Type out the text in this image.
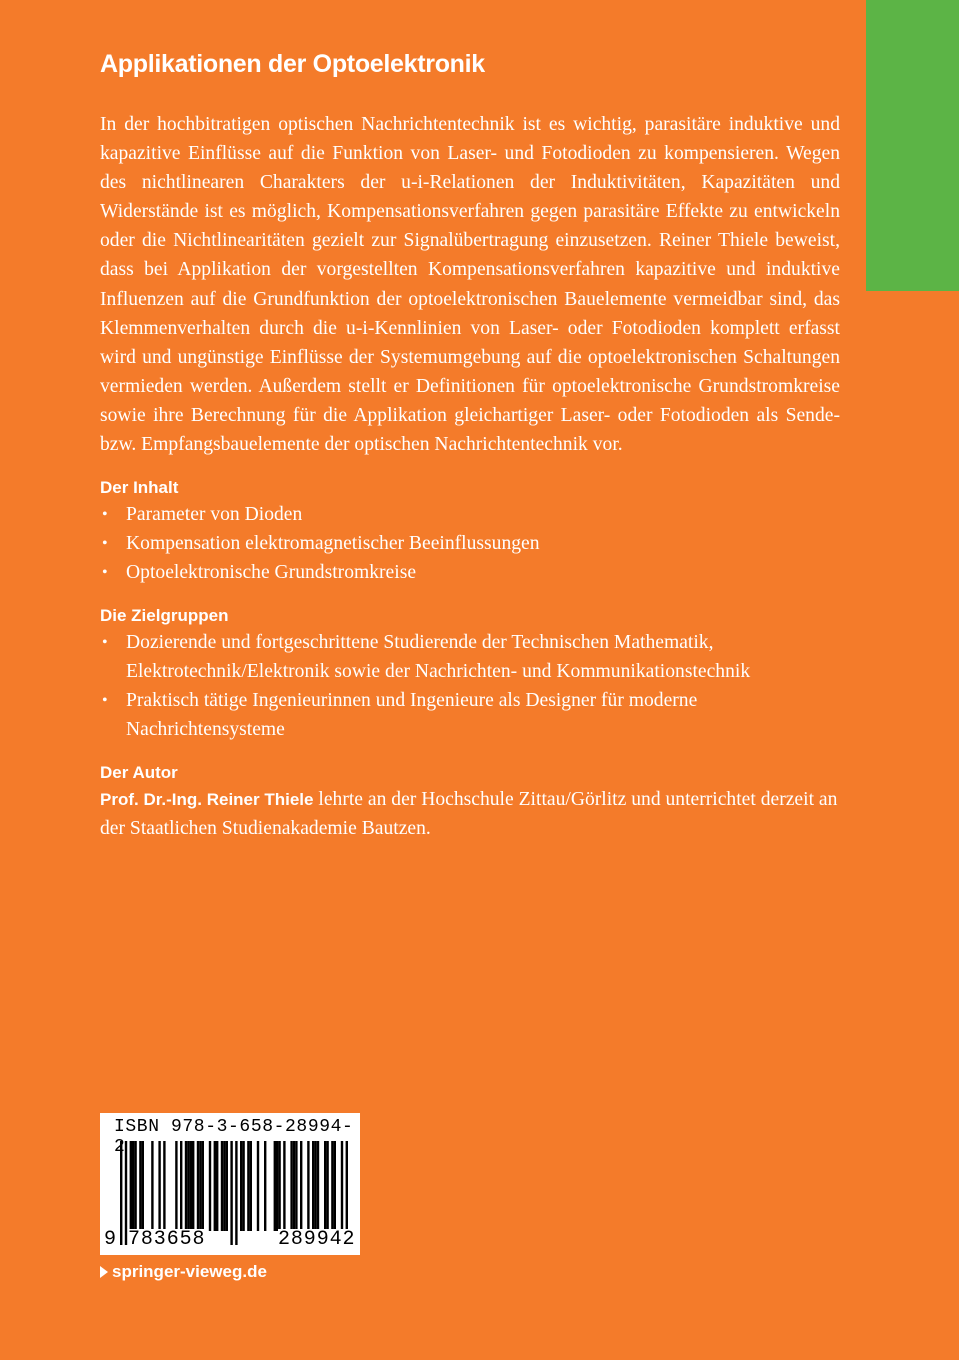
Applikationen der Optoelektronik

In der hochbitratigen optischen Nachrichtentechnik ist es wichtig, parasitäre induktive und kapazitive Einflüsse auf die Funktion von Laser- und Fotodioden zu kompensieren. Wegen des nichtlinearen Charakters der u-i-Relationen der Induktivitäten, Kapazitäten und Widerstände ist es möglich, Kompensationsverfahren gegen parasitäre Effekte zu entwickeln oder die Nichtlinearitäten gezielt zur Signalübertragung einzusetzen. Reiner Thiele beweist, dass bei Applikation der vorgestellten Kompensationsverfahren kapazitive und induktive Influenzen auf die Grundfunktion der optoelektronischen Bauelemente vermeidbar sind, das Klemmenverhalten durch die u-i-Kennlinien von Laser- oder Fotodioden komplett erfasst wird und ungünstige Einflüsse der Systemumgebung auf die optoelektronischen Schaltungen vermieden werden. Außerdem stellt er Definitionen für optoelektronische Grundstromkreise sowie ihre Berechnung für die Applikation gleichartiger Laser- oder Fotodioden als Sende- bzw. Empfangsbauelemente der optischen Nachrichtentechnik vor.

Der Inhalt
• Parameter von Dioden
• Kompensation elektromagnetischer Beeinflussungen
• Optoelektronische Grundstromkreise
Die Zielgruppen
• Dozierende und fortgeschrittene Studierende der Technischen Mathematik, Elektrotechnik/Elektronik sowie der Nachrichten- und Kommunikationstechnik
• Praktisch tätige Ingenieurinnen und Ingenieure als Designer für moderne Nachrichtensysteme
Der Autor

Prof. Dr.-Ing. Reiner Thiele lehrte an der Hochschule Zittau/Görlitz und unterrichtet derzeit an der Staatlichen Studienakademie Bautzen.

ISBN 978-3-658-28994-2
9 783658	289942
springer-vieweg.de
